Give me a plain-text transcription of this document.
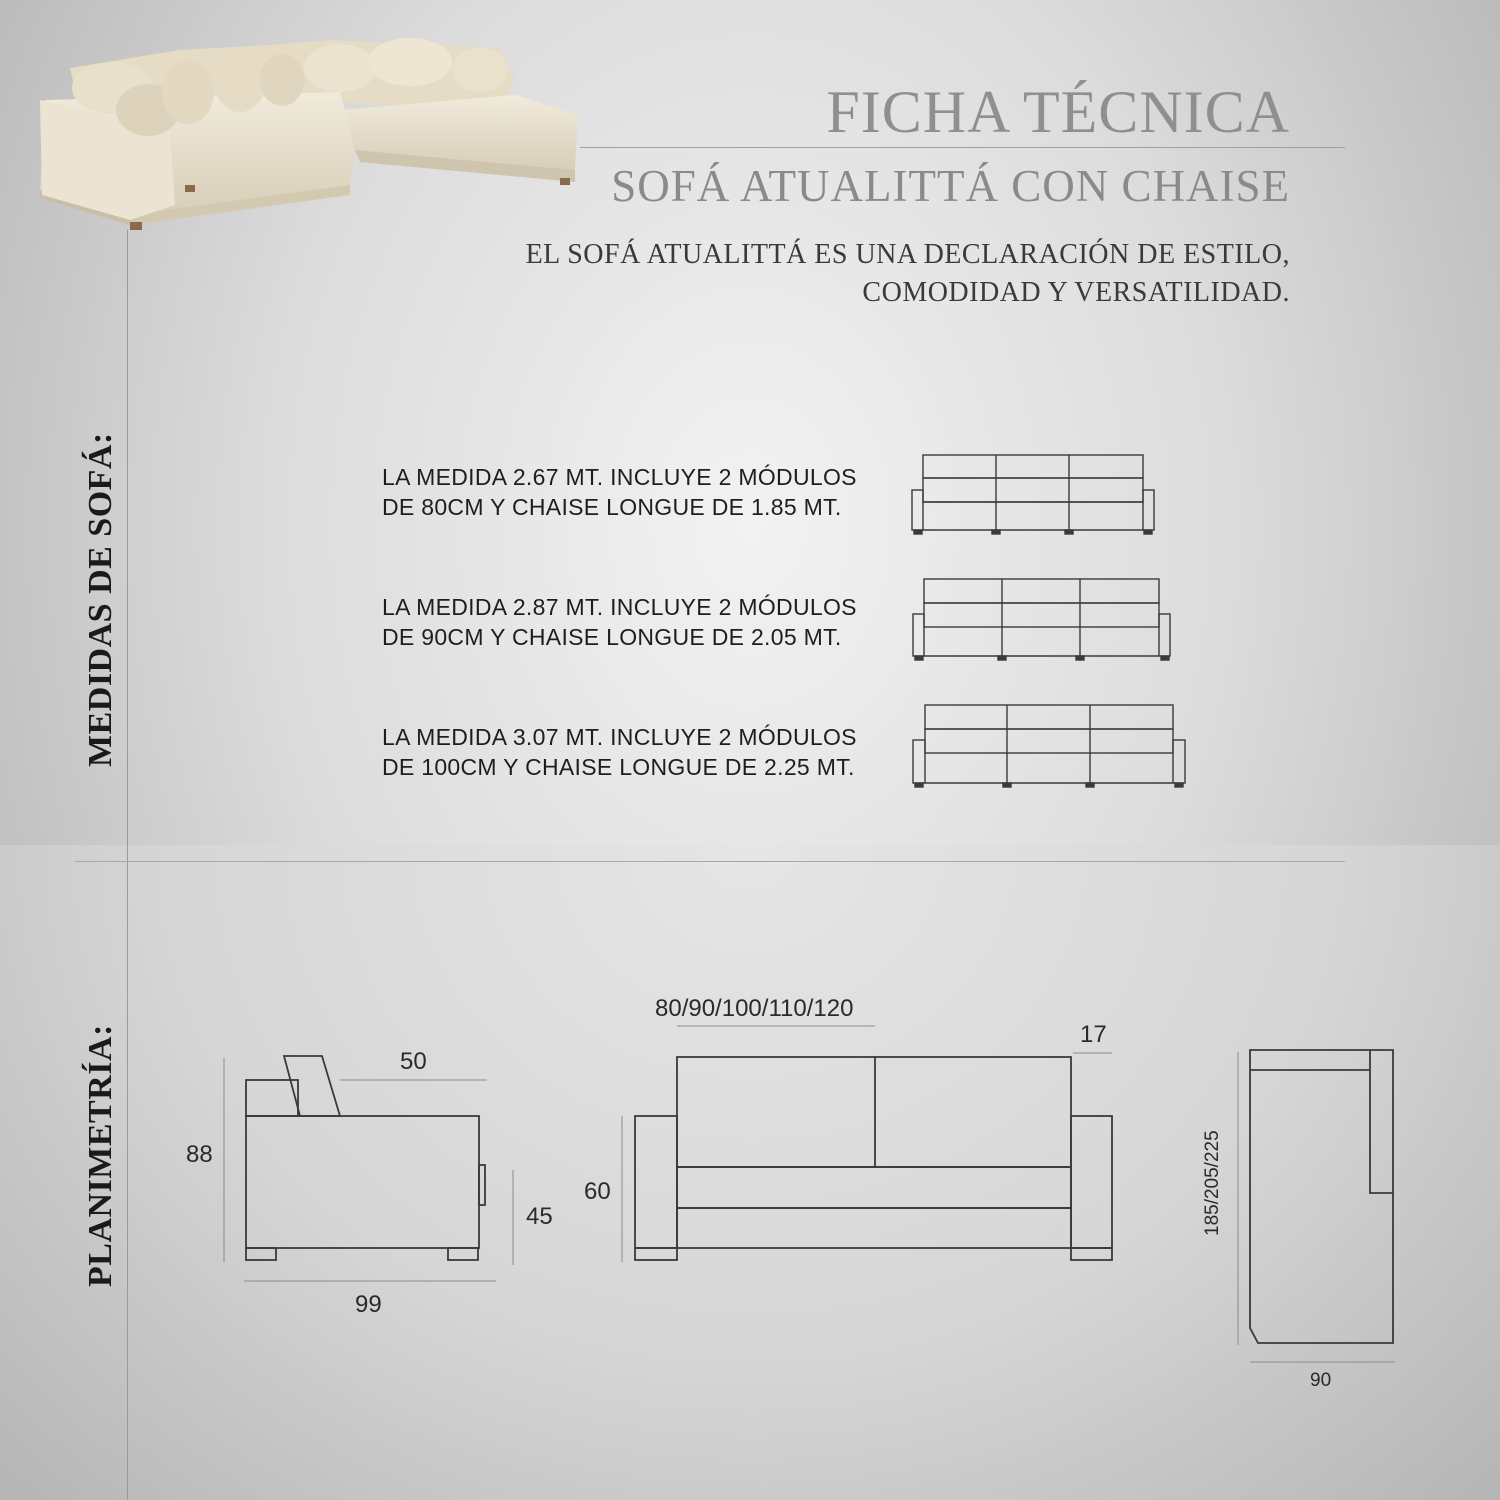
FICHA TÉCNICA
SOFÁ ATUALITTÁ CON CHAISE
EL SOFÁ ATUALITTÁ ES UNA DECLARACIÓN DE ESTILO,
COMODIDAD Y VERSATILIDAD.
MEDIDAS DE SOFÁ:
PLANIMETRÍA:
LA MEDIDA 2.67 MT. INCLUYE 2 MÓDULOS
DE 80CM Y CHAISE LONGUE DE 1.85 MT.
LA MEDIDA 2.87 MT. INCLUYE 2 MÓDULOS
DE 90CM Y CHAISE LONGUE DE 2.05 MT.
LA MEDIDA 3.07 MT. INCLUYE 2 MÓDULOS
DE 100CM Y CHAISE LONGUE DE 2.25 MT.
88
50
45
99
80/90/100/110/120
17
60	185/205/225
90
